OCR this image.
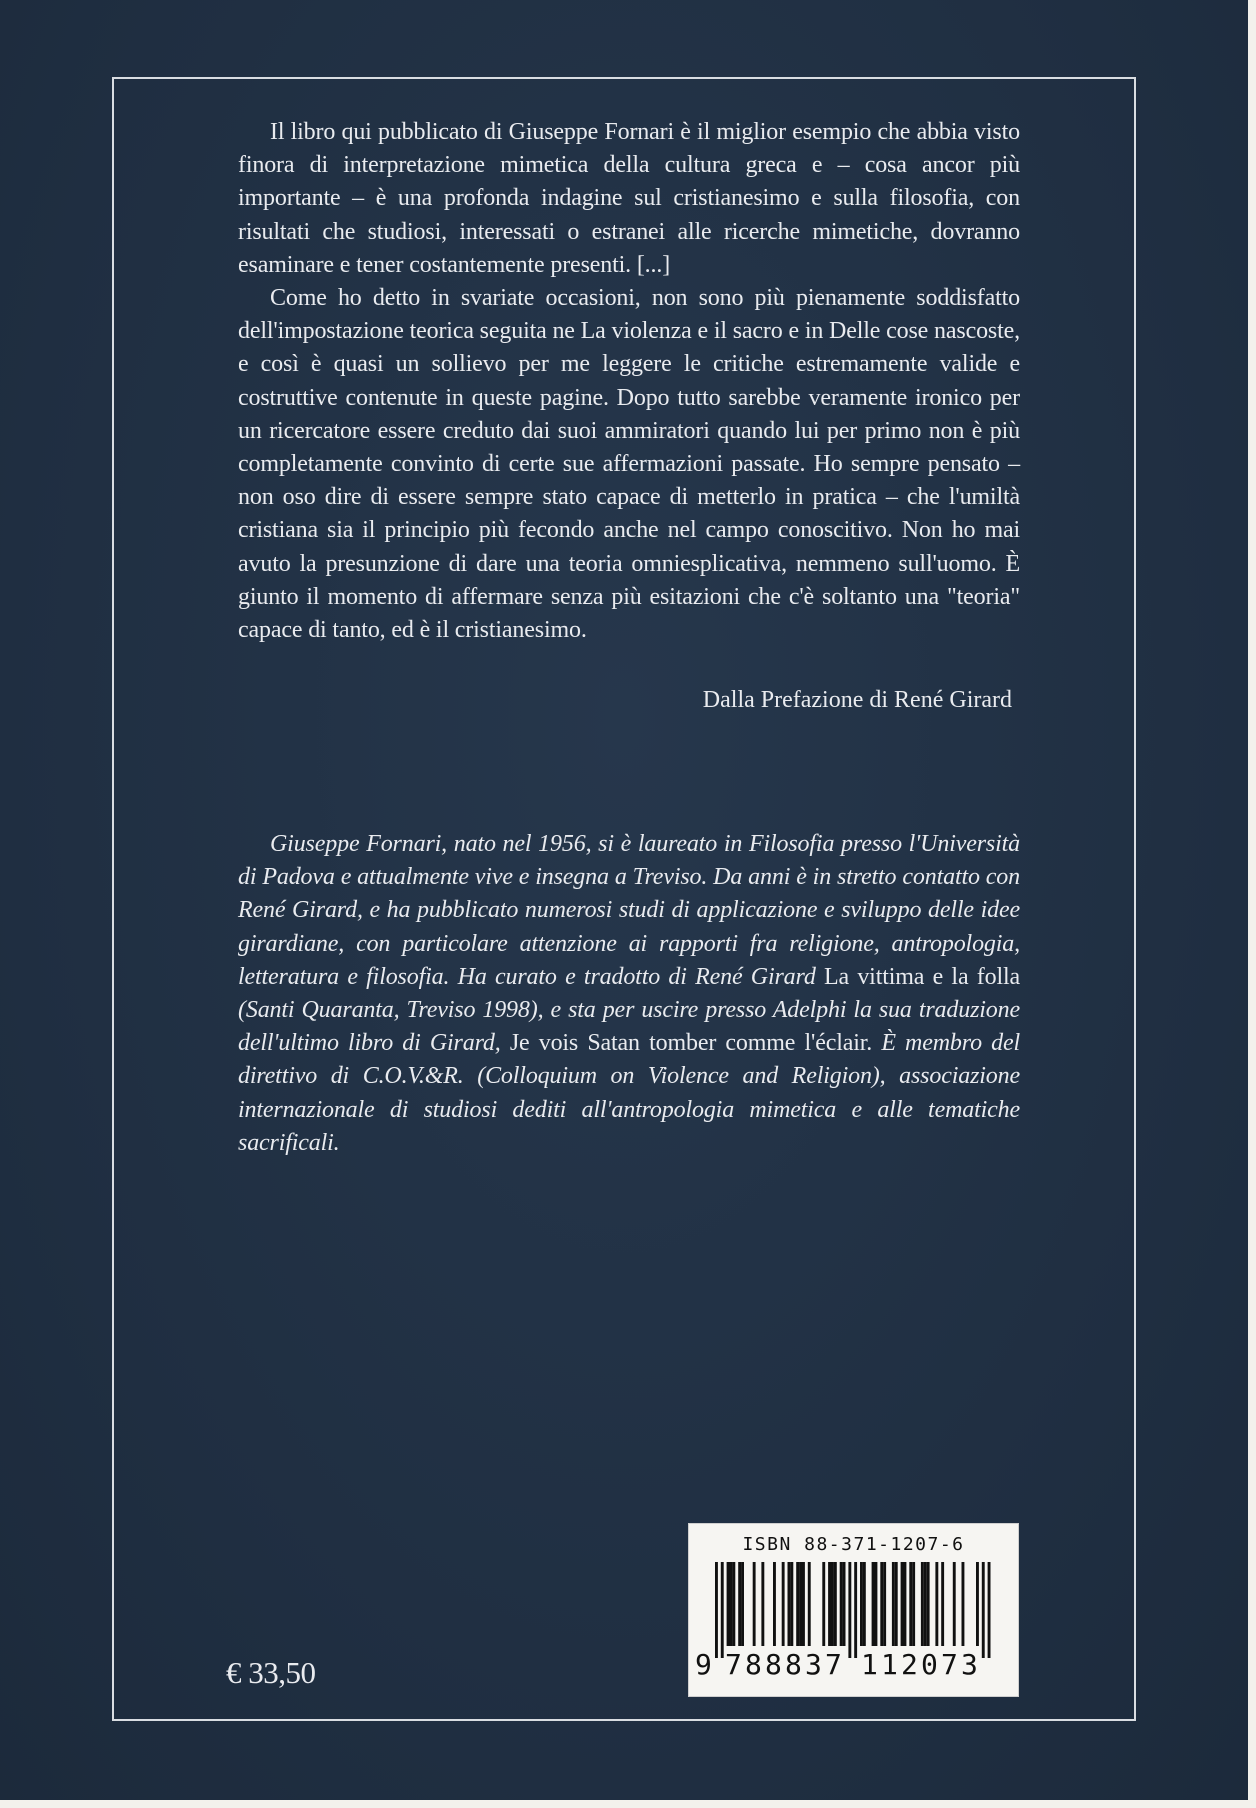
Il libro qui pubblicato di Giuseppe Fornari è il miglior esempio che abbia visto finora di interpretazione mimetica della cultura greca e – cosa ancor più importante – è una profonda indagine sul cristianesimo e sulla filosofia, con risultati che studiosi, interessati o estranei alle ricerche mimetiche, dovranno esaminare e tener costantemente presenti. [...]

Come ho detto in svariate occasioni, non sono più pienamente soddisfatto dell'impostazione teorica seguita ne La violenza e il sacro e in Delle cose nascoste, e così è quasi un sollievo per me leggere le critiche estremamente valide e costruttive contenute in queste pagine. Dopo tutto sarebbe veramente ironico per un ricercatore essere creduto dai suoi ammiratori quando lui per primo non è più completamente convinto di certe sue affermazioni passate. Ho sempre pensato – non oso dire di essere sempre stato capace di metterlo in pratica – che l'umiltà cristiana sia il principio più fecondo anche nel campo conoscitivo. Non ho mai avuto la presunzione di dare una teoria omniesplicativa, nemmeno sull'uomo. È giunto il momento di affermare senza più esitazioni che c'è soltanto una "teoria" capace di tanto, ed è il cristianesimo.

Dalla Prefazione di René Girard

Giuseppe Fornari, nato nel 1956, si è laureato in Filosofia presso l'Università di Padova e attualmente vive e insegna a Treviso. Da anni è in stretto contatto con René Girard, e ha pubblicato numerosi studi di applicazione e sviluppo delle idee girardiane, con particolare attenzione ai rapporti fra religione, antropologia, letteratura e filosofia. Ha curato e tradotto di René Girard La vittima e la folla (Santi Quaranta, Treviso 1998), e sta per uscire presso Adelphi la sua traduzione dell'ultimo libro di Girard, Je vois Satan tomber comme l'éclair. È membro del direttivo di C.O.V.&R. (Colloquium on Violence and Religion), associazione internazionale di studiosi dediti all'antropologia mimetica e alle tematiche sacrificali.

€ 33,50
ISBN 88-371-1207-6
9 7 8 8 8 3 7 1 1 2 0 7 3
